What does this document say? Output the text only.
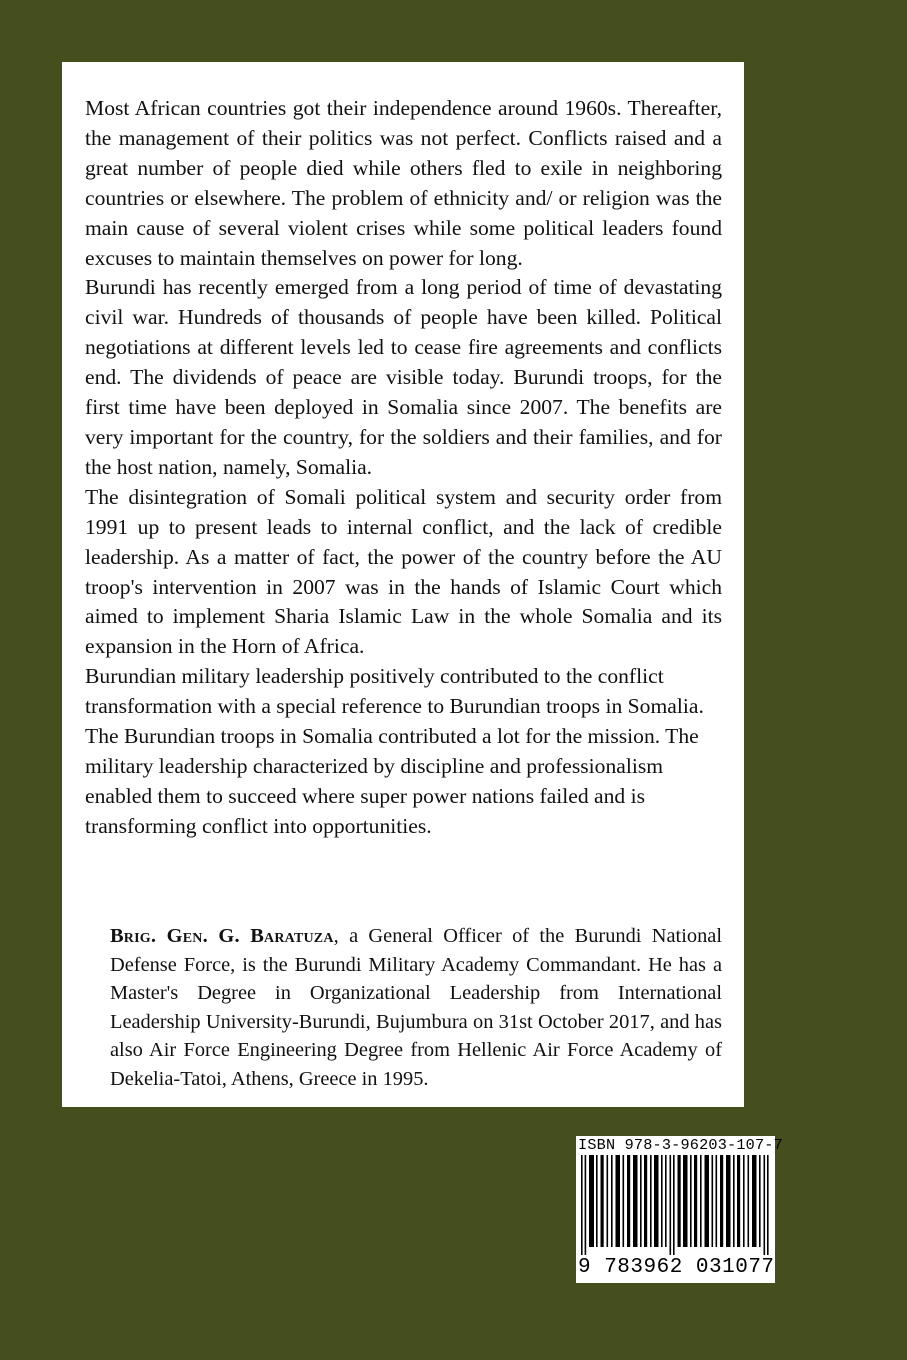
Most African countries got their independence around 1960s. Thereafter, the management of their politics was not perfect. Conflicts raised and a great number of people died while others fled to exile in neighboring countries or elsewhere. The problem of ethnicity and/ or religion was the main cause of several violent crises while some political leaders found excuses to maintain themselves on power for long.

Burundi has recently emerged from a long period of time of devastating civil war. Hundreds of thousands of people have been killed. Political negotiations at different levels led to cease fire agreements and conflicts end. The dividends of peace are visible today. Burundi troops, for the first time have been deployed in Somalia since 2007. The benefits are very important for the country, for the soldiers and their families, and for the host nation, namely, Somalia.

The disintegration of Somali political system and security order from 1991 up to present leads to internal conflict, and the lack of credible leadership. As a matter of fact, the power of the country before the AU troop's intervention in 2007 was in the hands of Islamic Court which aimed to implement Sharia Islamic Law in the whole Somalia and its expansion in the Horn of Africa.

Burundian military leadership positively contributed to the conflict transformation with a special reference to Burundian troops in Somalia. The Burundian troops in Somalia contributed a lot for the mission. The military leadership characterized by discipline and professionalism enabled them to succeed where super power nations failed and is transforming conflict into opportunities.

Brig. Gen. G. Baratuza, a General Officer of the Burundi National Defense Force, is the Burundi Military Academy Commandant. He has a Master's Degree in Organizational Leadership from International Leadership University-Burundi, Bujumbura on 31st October 2017, and has also Air Force Engineering Degree from Hellenic Air Force Academy of Dekelia-Tatoi, Athens, Greece in 1995.
ISBN 978-3-96203-107-7
9 783962 031077
